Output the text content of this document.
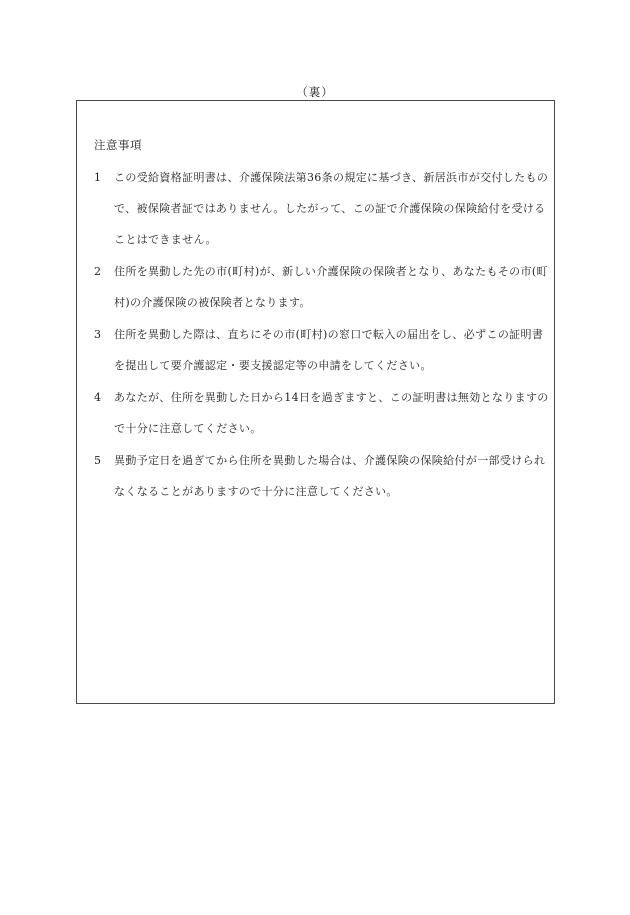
（裏）
注意事項
1	この受給資格証明書は、介護保険法第36条の規定に基づき、新居浜市が交付したもので、被保険者証ではありません。したがって、この証で介護保険の保険給付を受けることはできません。
2	住所を異動した先の市(町村)が、新しい介護保険の保険者となり、あなたもその市(町村)の介護保険の被保険者となります。
3	住所を異動した際は、直ちにその市(町村)の窓口で転入の届出をし、必ずこの証明書を提出して要介護認定・要支援認定等の申請をしてください。
4	あなたが、住所を異動した日から14日を過ぎますと、この証明書は無効となりますので十分に注意してください。
5	異動予定日を過ぎてから住所を異動した場合は、介護保険の保険給付が一部受けられなくなることがありますので十分に注意してください。
